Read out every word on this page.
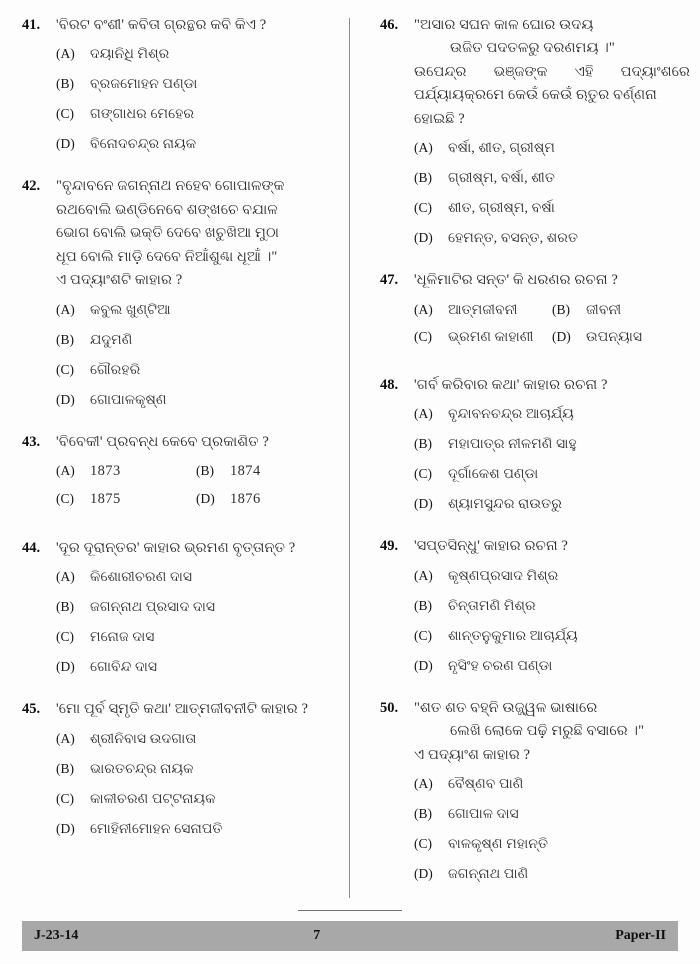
41.	'ବିରଟ ବଂଶୀ' କବିତା ଗ୍ରନ୍ଥର କବି କିଏ ?
(A)	ଦୟାନିଧି ମିଶ୍ର
(B)	ବ୍ରଜମୋହନ ପଣ୍ଡା
(C)	ଗଙ୍ଗାଧର ମେହେର
(D)	ବିନୋଦଚନ୍ଦ୍ର ନାୟକ
42.	"ବୃନ୍ଦାବନେ ଜଗନ୍ନାଥ ନହେବ ଗୋପାଳଙ୍କ
ରଥବୋଲି ଭଣ୍ଡିନେବେ ଶଙ୍ଖଚେ ବଯାଳ
ଭୋଗ ବୋଲି ଭକ୍ତି ଦେବେ ଖଚୁଖିଆ ମୁଠା
ଧୂପ ବୋଲି ମାଡ଼ି ଦେବେ ନିଆଁଶୁଣ୍ଢା ଧୂଆଁ ।"
ଏ ପଦ୍ୟାଂଶଟି କାହାର ?
(A)	କବୁଲ ଖୁଣ୍ଟିଆ
(B)	ଯଦୁମଣି
(C)	ଗୌରହରି
(D)	ଗୋପାଳକୃଷ୍ଣ
43.	'ବିବେକୀ' ପ୍ରବନ୍ଧ କେବେ ପ୍ରକାଶିତ ?
(A)	1873	(B)	1874
(C)	1875	(D)	1876
44.	'ଦୂର ଦୂରାନ୍ତର' କାହାର ଭ୍ରମଣ ବୃତ୍ତାନ୍ତ ?
(A)	କିଶୋରୀଚରଣ ଦାସ
(B)	ଜଗନ୍ନାଥ ପ୍ରସାଦ ଦାସ
(C)	ମନୋଜ ଦାସ
(D)	ଗୋବିନ୍ଦ ଦାସ
45.	'ମୋ ପୂର୍ବ ସ୍ମୃତି କଥା' ଆତ୍ମଜୀବନୀଟି କାହାର ?
(A)	ଶ୍ରୀନିବାସ ଉଦଗାତା
(B)	ଭାରତଚନ୍ଦ୍ର ନାୟକ
(C)	କାଳୀଚରଣ ପଟ୍ଟନାୟକ
(D)	ମୋହିନୀମୋହନ ସେନାପତି
46.	"ଅସାର ସଘନ କାଳ ଘୋର ଉଦୟ
ଉଜିତ ପଦତଳରୁ ଦରଣମୟ ।"
ଉପେନ୍ଦ୍ର ଭଞ୍ଜଙ୍କ ଏହି ପଦ୍ୟାଂଶରେ
ପର୍ଯ୍ୟାୟକ୍ରମେ କେଉଁ କେଉଁ ଋତୁର ବର୍ଣ୍ଣନା
ହୋଇଛି ?
(A)	ବର୍ଷା, ଶୀତ, ଗ୍ରୀଷ୍ମ
(B)	ଗ୍ରୀଷ୍ମ, ବର୍ଷା, ଶୀତ
(C)	ଶୀତ, ଗ୍ରୀଷ୍ମ, ବର୍ଷା
(D)	ହେମନ୍ତ, ବସନ୍ତ, ଶରତ
47.	'ଧୂଳିମାଟିର ସନ୍ତ' କି ଧରଣର ରଚନା ?
(A)	ଆତ୍ମଜୀବନୀ	(B)	ଜୀବନୀ
(C)	ଭ୍ରମଣ କାହାଣୀ	(D)	ଉପନ୍ୟାସ
48.	'ଗର୍ବ କରିବାର କଥା' କାହାର ରଚନା ?
(A)	ବୃନ୍ଦାବନଚନ୍ଦ୍ର ଆଚାର୍ଯ୍ୟ
(B)	ମହାପାତ୍ର ନୀଳମଣି ସାହୁ
(C)	ଦୂର୍ଗାକେଶ ପଣ୍ଡା
(D)	ଶ୍ୟାମସୁନ୍ଦର ରାଉତରୁ
49.	'ସପ୍ତସିନ୍ଧୁ' କାହାର ରଚନା ?
(A)	କୃଷ୍ଣପ୍ରସାଦ ମିଶ୍ର
(B)	ଚିନ୍ତାମଣି ମିଶ୍ର
(C)	ଶାନ୍ତନୁକୁମାର ଆଚାର୍ଯ୍ୟ
(D)	ନୃସିଂହ ଚରଣ ପଣ୍ଡା
50.	"ଶତ ଶତ ବହ୍ନି ଉଜ୍ଜ୍ୱଳ ଭାଷାରେ
ଲେଖି ଲୋକେ ପଢ଼ି ମରୁଛି ବସାରେ ।"
ଏ ପଦ୍ୟାଂଶ କାହାର ?
(A)	ବୈଷ୍ଣବ ପାଣି
(B)	ଗୋପାଳ ଦାସ
(C)	ବାଳକୃଷ୍ଣ ମହାନ୍ତି
(D)	ଜଗନ୍ନାଥ ପାଣି
J-23-14	7	Paper-II
